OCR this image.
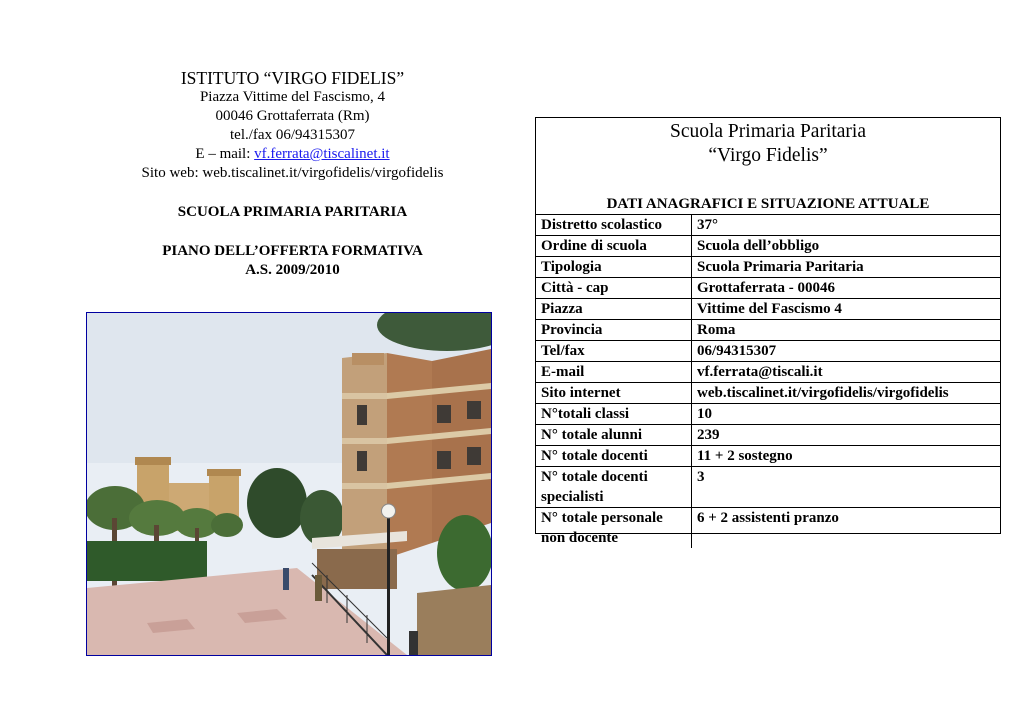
ISTITUTO “VIRGO FIDELIS”
Piazza Vittime del Fascismo, 4
00046 Grottaferrata (Rm)
tel./fax 06/94315307
E – mail: vf.ferrata@tiscalinet.it
Sito web: web.tiscalinet.it/virgofidelis/virgofidelis
SCUOLA PRIMARIA PARITARIA
PIANO DELL’OFFERTA FORMATIVA
A.S. 2009/2010
Scuola Primaria Paritaria
“Virgo Fidelis”
DATI ANAGRAFICI E SITUAZIONE ATTUALE
Distretto scolastico	37°
Ordine di scuola	Scuola dell’obbligo
Tipologia	Scuola Primaria Paritaria
Città - cap	Grottaferrata - 00046
Piazza	Vittime del Fascismo 4
Provincia	Roma
Tel/fax	06/94315307
E-mail	vf.ferrata@tiscali.it
Sito internet	web.tiscalinet.it/virgofidelis/virgofidelis
N°totali classi	10
N° totale alunni	239
N° totale docenti	11 + 2 sostegno
N° totale docenti specialisti	3
N° totale personale non docente	6 + 2 assistenti pranzo
